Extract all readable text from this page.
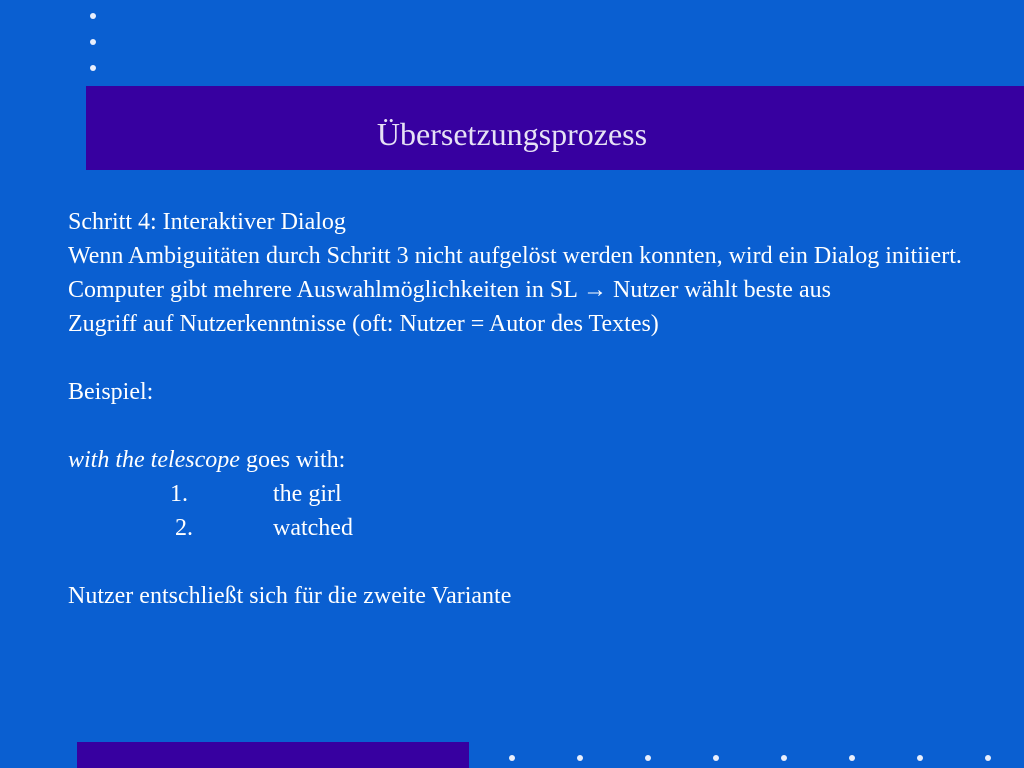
Übersetzungsprozess

Schritt 4: Interaktiver Dialog

Wenn Ambiguitäten durch Schritt 3 nicht aufgelöst werden konnten, wird ein Dialog initiiert.

Computer gibt mehrere Auswahlmöglichkeiten in SL → Nutzer wählt beste aus

Zugriff auf Nutzerkenntnisse (oft: Nutzer = Autor des Textes)

Beispiel:

with the telescope goes with:

1.	the girl

2.	watched

Nutzer entschließt sich für die zweite Variante
